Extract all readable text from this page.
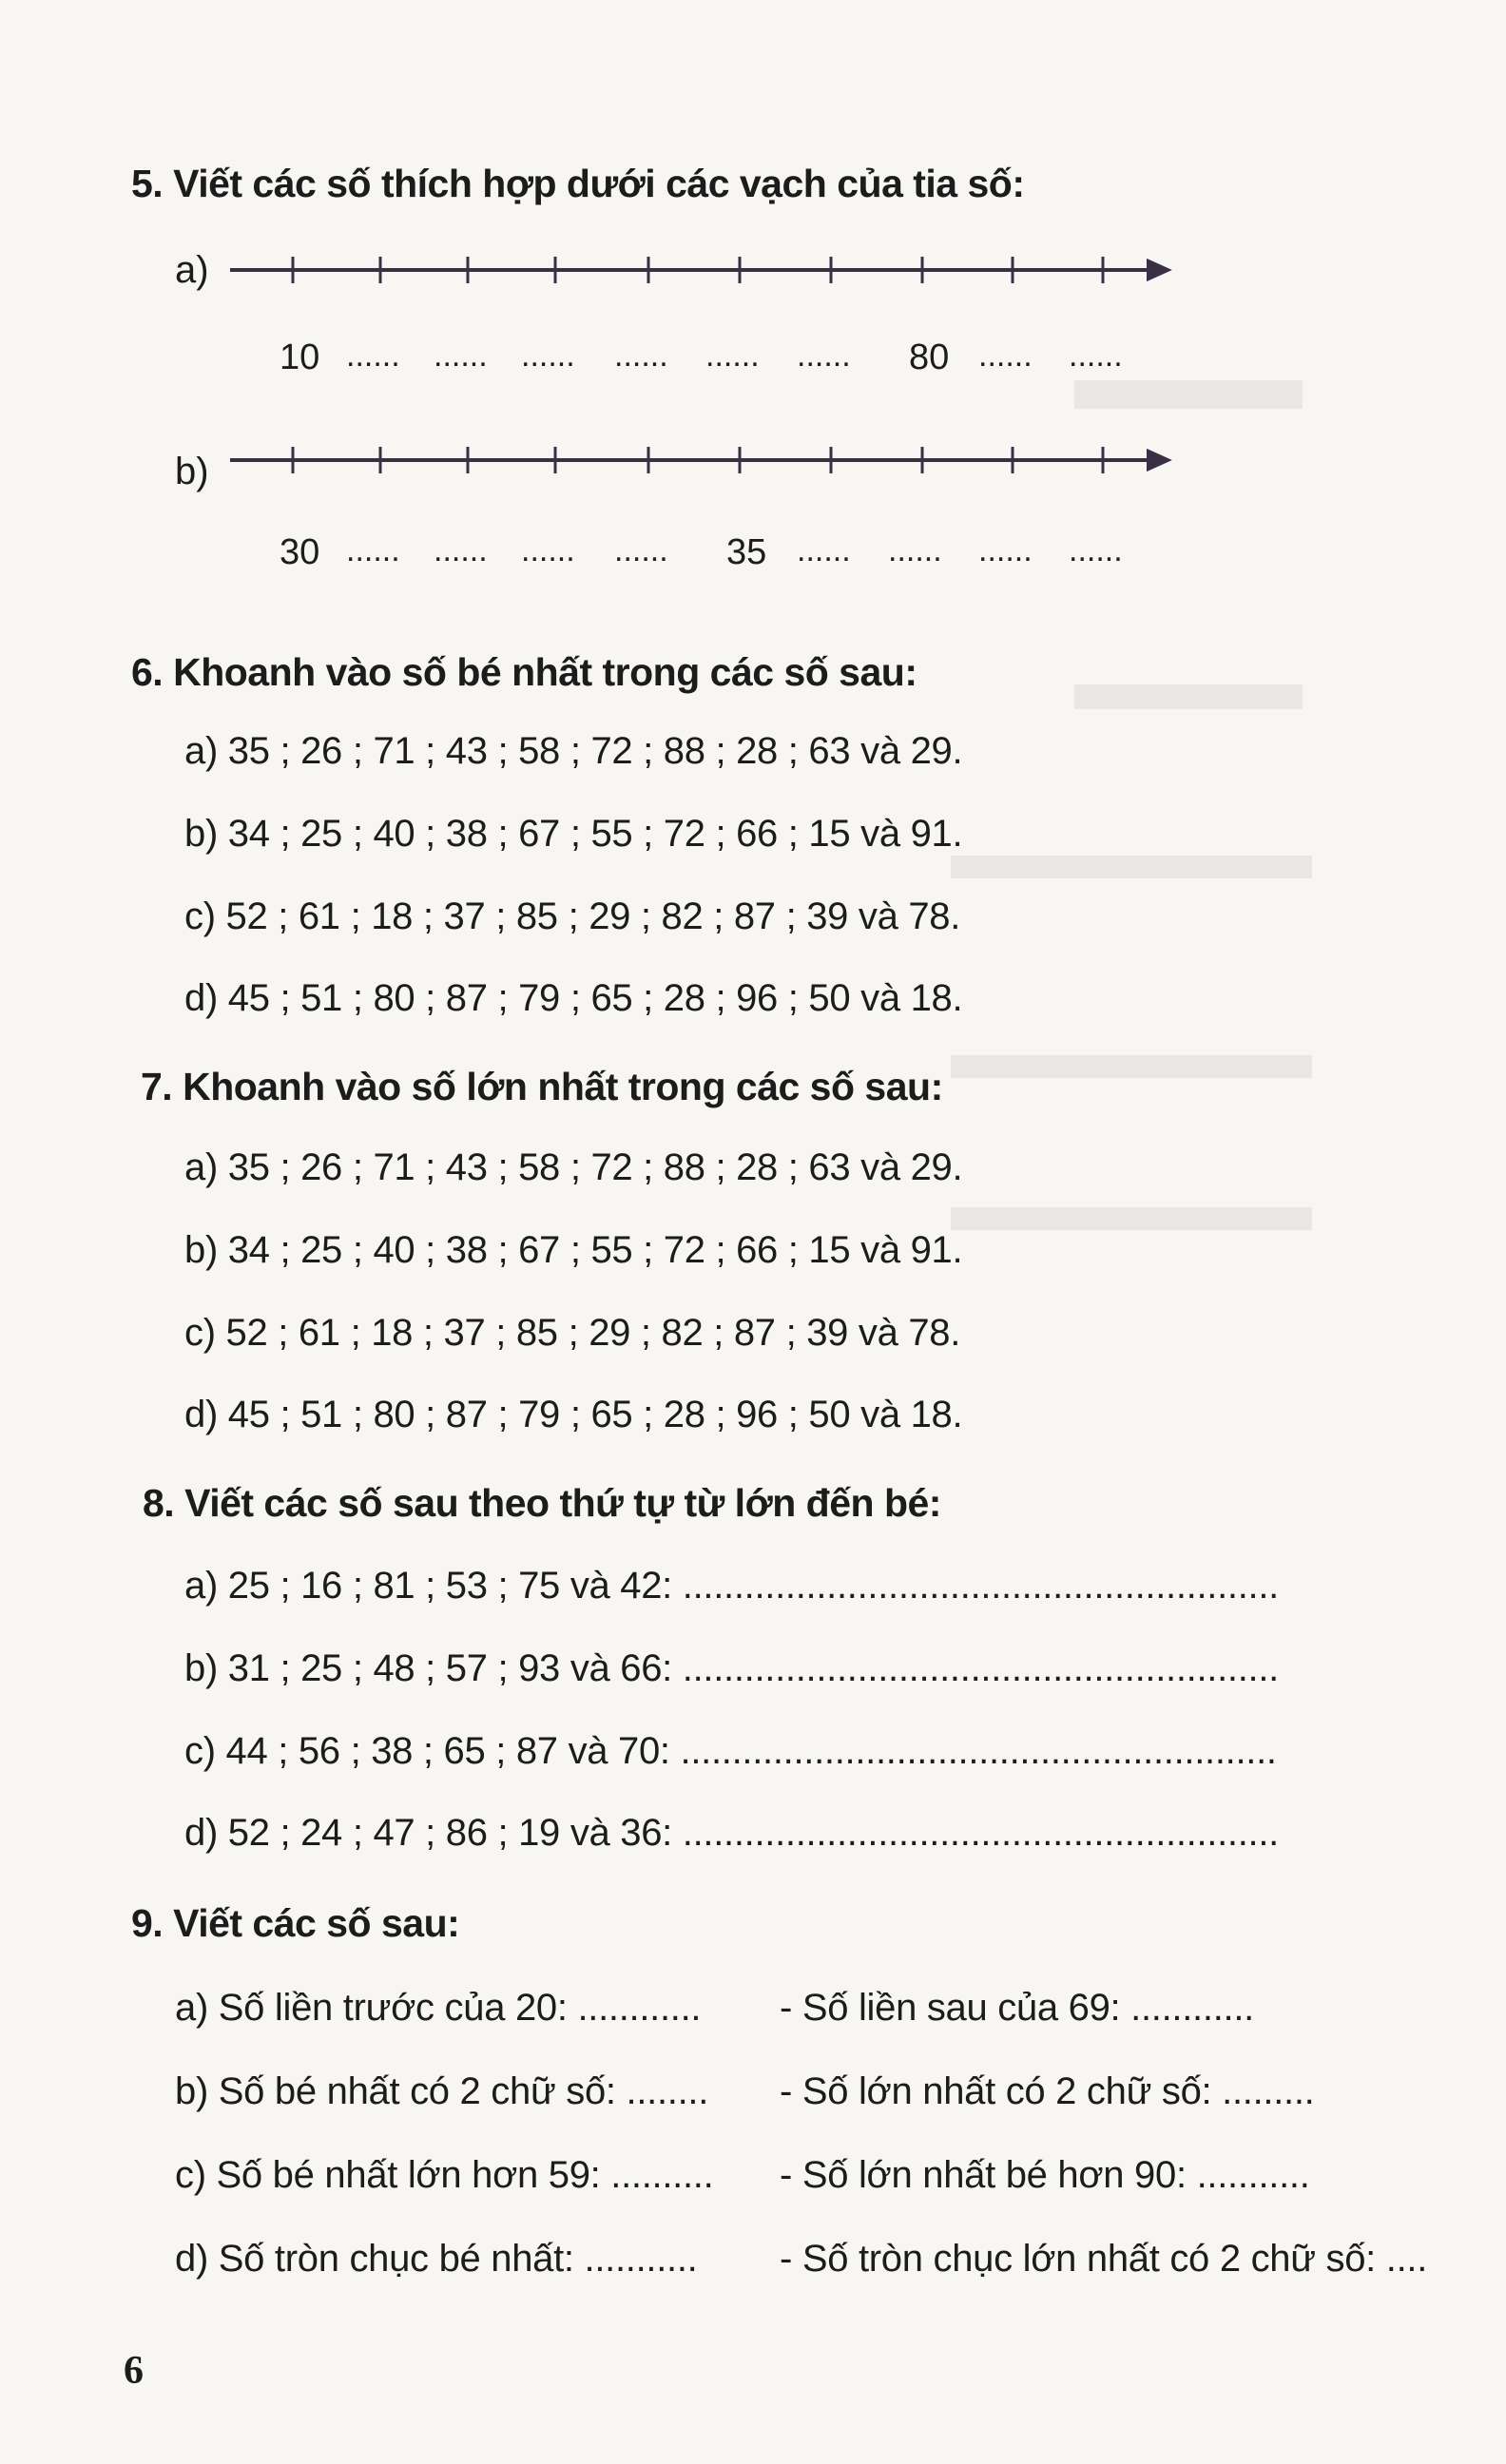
5. Viết các số thích hợp dưới các vạch của tia số:
a)
10 ...... ...... ...... ...... ...... ...... 80 ...... ......
b)
30 ...... ...... ...... ...... 35 ...... ...... ...... ......
6. Khoanh vào số bé nhất trong các số sau:
a) 35 ; 26 ; 71 ; 43 ; 58 ; 72 ; 88 ; 28 ; 63 và 29.
b) 34 ; 25 ; 40 ; 38 ; 67 ; 55 ; 72 ; 66 ; 15 và 91.
c) 52 ; 61 ; 18 ; 37 ; 85 ; 29 ; 82 ; 87 ; 39 và 78.
d) 45 ; 51 ; 80 ; 87 ; 79 ; 65 ; 28 ; 96 ; 50 và 18.
7. Khoanh vào số lớn nhất trong các số sau:
a) 35 ; 26 ; 71 ; 43 ; 58 ; 72 ; 88 ; 28 ; 63 và 29.
b) 34 ; 25 ; 40 ; 38 ; 67 ; 55 ; 72 ; 66 ; 15 và 91.
c) 52 ; 61 ; 18 ; 37 ; 85 ; 29 ; 82 ; 87 ; 39 và 78.
d) 45 ; 51 ; 80 ; 87 ; 79 ; 65 ; 28 ; 96 ; 50 và 18.
8. Viết các số sau theo thứ tự từ lớn đến bé:
a) 25 ; 16 ; 81 ; 53 ; 75 và 42: ..........................................................
b) 31 ; 25 ; 48 ; 57 ; 93 và 66: ..........................................................
c) 44 ; 56 ; 38 ; 65 ; 87 và 70: ..........................................................
d) 52 ; 24 ; 47 ; 86 ; 19 và 36: ..........................................................
9. Viết các số sau:
a) Số liền trước của 20: ............
b) Số bé nhất có 2 chữ số: ........
c) Số bé nhất lớn hơn 59: ..........
d) Số tròn chục bé nhất: ...........
- Số liền sau của 69: ............
- Số lớn nhất có 2 chữ số: .........
- Số lớn nhất bé hơn 90: ...........
- Số tròn chục lớn nhất có 2 chữ số: ....
6
